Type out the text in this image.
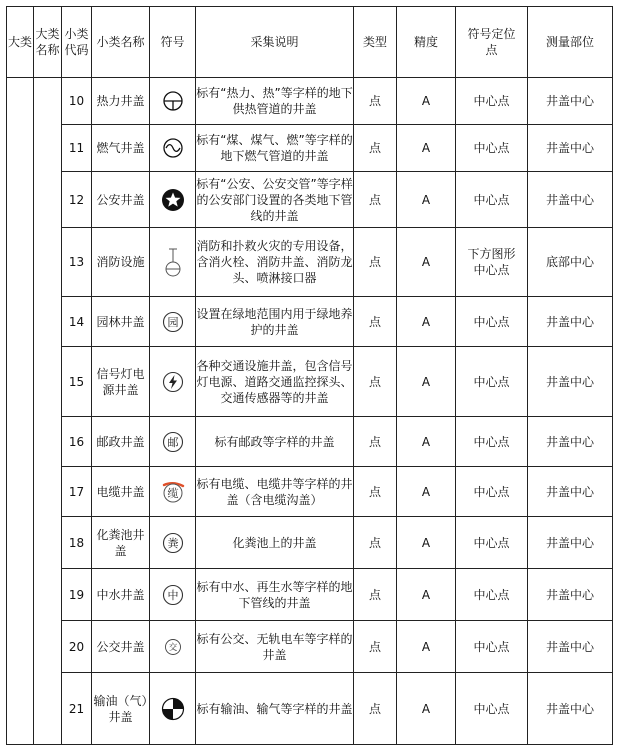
大类	大类名称	小类代码	小类名称	符号	采集说明	类型	精度	符号定位点	测量部位
		10	热力井盖		标有“热力、热”等字样的地下供热管道的井盖	点	A	中心点	井盖中心
		11	燃气井盖		标有“煤、煤气、燃”等字样的地下燃气管道的井盖	点	A	中心点	井盖中心
		12	公安井盖		标有“公安、公安交管”等字样的公安部门设置的各类地下管线的井盖	点	A	中心点	井盖中心
		13	消防设施		消防和扑救火灾的专用设备，含消火栓、消防井盖、消防龙头、喷淋接口器	点	A	下方图形中心点	底部中心
		14	园林井盖	园	设置在绿地范围内用于绿地养护的井盖	点	A	中心点	井盖中心
		15	信号灯电源井盖		各种交通设施井盖，包含信号灯电源、道路交通监控探头、交通传感器等的井盖	点	A	中心点	井盖中心
		16	邮政井盖	邮	标有邮政等字样的井盖	点	A	中心点	井盖中心
		17	电缆井盖	缆	标有电缆、电缆井等字样的井盖（含电缆沟盖）	点	A	中心点	井盖中心
		18	化粪池井盖	粪	化粪池上的井盖	点	A	中心点	井盖中心
		19	中水井盖	中	标有中水、再生水等字样的地下管线的井盖	点	A	中心点	井盖中心
		20	公交井盖	交	标有公交、无轨电车等字样的井盖	点	A	中心点	井盖中心
		21	输油（气）井盖		标有输油、输气等字样的井盖	点	A	中心点	井盖中心
